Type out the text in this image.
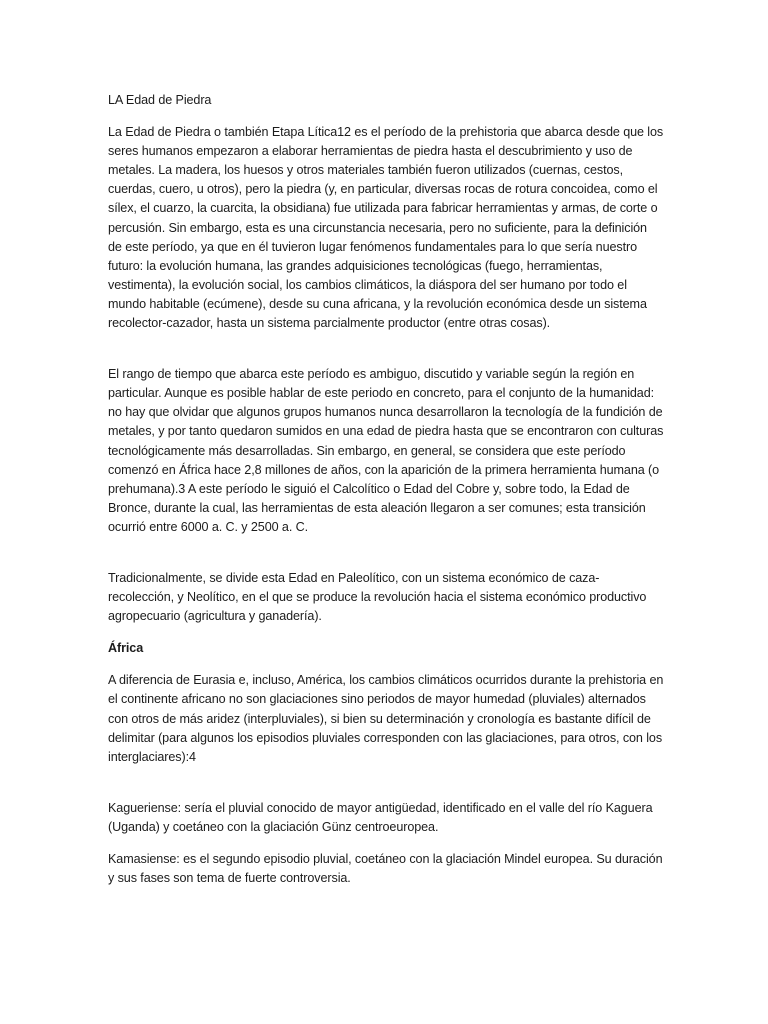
LA Edad de Piedra

La Edad de Piedra o también Etapa Lítica12 es el período de la prehistoria que abarca desde que los seres humanos empezaron a elaborar herramientas de piedra hasta el descubrimiento y uso de metales. La madera, los huesos y otros materiales también fueron utilizados (cuernas, cestos, cuerdas, cuero, u otros), pero la piedra (y, en particular, diversas rocas de rotura concoidea, como el sílex, el cuarzo, la cuarcita, la obsidiana) fue utilizada para fabricar herramientas y armas, de corte o percusión. Sin embargo, esta es una circunstancia necesaria, pero no suficiente, para la definición de este período, ya que en él tuvieron lugar fenómenos fundamentales para lo que sería nuestro futuro: la evolución humana, las grandes adquisiciones tecnológicas (fuego, herramientas, vestimenta), la evolución social, los cambios climáticos, la diáspora del ser humano por todo el mundo habitable (ecúmene), desde su cuna africana, y la revolución económica desde un sistema recolector-cazador, hasta un sistema parcialmente productor (entre otras cosas).

El rango de tiempo que abarca este período es ambiguo, discutido y variable según la región en particular. Aunque es posible hablar de este periodo en concreto, para el conjunto de la humanidad: no hay que olvidar que algunos grupos humanos nunca desarrollaron la tecnología de la fundición de metales, y por tanto quedaron sumidos en una edad de piedra hasta que se encontraron con culturas tecnológicamente más desarrolladas. Sin embargo, en general, se considera que este período comenzó en África hace 2,8 millones de años, con la aparición de la primera herramienta humana (o prehumana).3 A este período le siguió el Calcolítico o Edad del Cobre y, sobre todo, la Edad de Bronce, durante la cual, las herramientas de esta aleación llegaron a ser comunes; esta transición ocurrió entre 6000 a. C. y 2500 a. C.

Tradicionalmente, se divide esta Edad en Paleolítico, con un sistema económico de caza-recolección, y Neolítico, en el que se produce la revolución hacia el sistema económico productivo agropecuario (agricultura y ganadería).

África

A diferencia de Eurasia e, incluso, América, los cambios climáticos ocurridos durante la prehistoria en el continente africano no son glaciaciones sino periodos de mayor humedad (pluviales) alternados con otros de más aridez (interpluviales), si bien su determinación y cronología es bastante difícil de delimitar (para algunos los episodios pluviales corresponden con las glaciaciones, para otros, con los interglaciares):4

Kagueriense: sería el pluvial conocido de mayor antigüedad, identificado en el valle del río Kaguera (Uganda) y coetáneo con la glaciación Günz centroeuropea.

Kamasiense: es el segundo episodio pluvial, coetáneo con la glaciación Mindel europea. Su duración y sus fases son tema de fuerte controversia.
